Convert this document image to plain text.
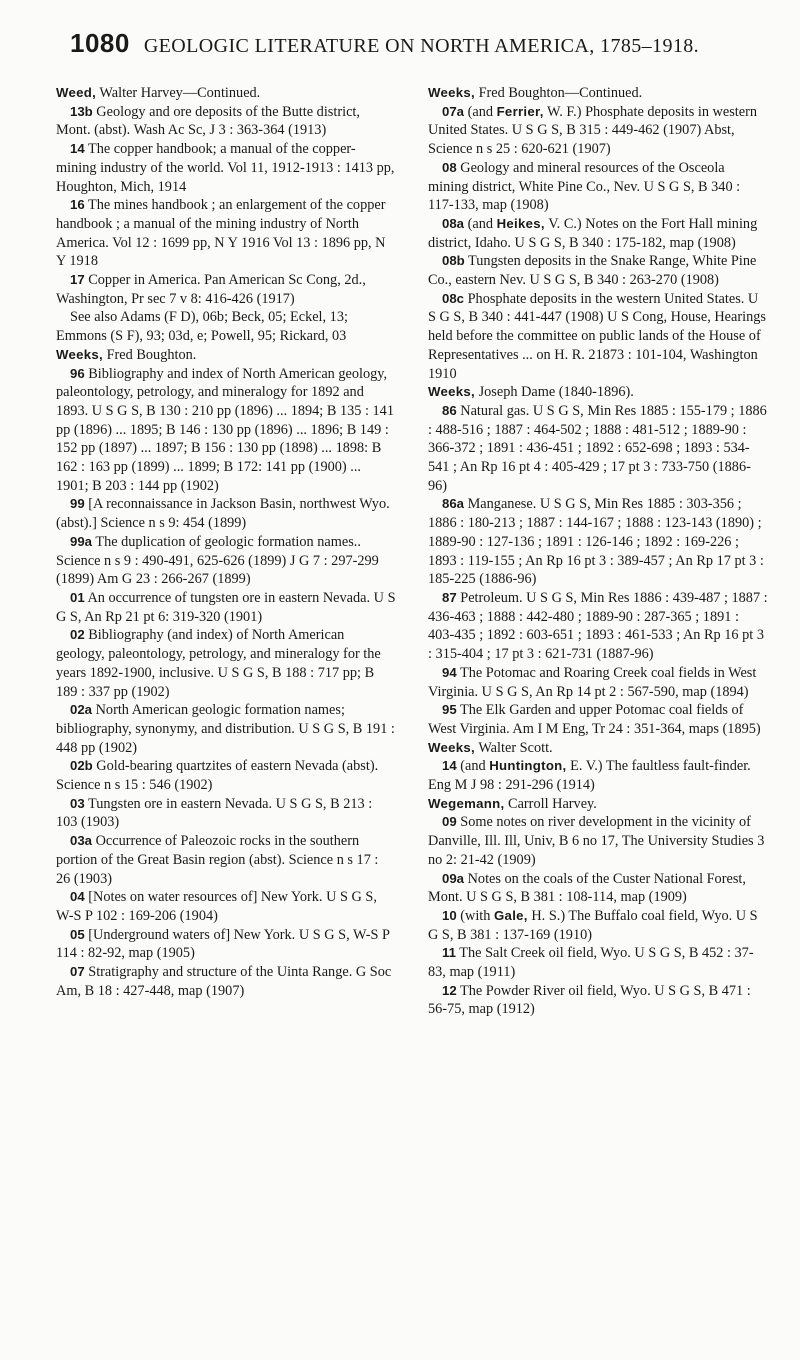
1080 GEOLOGIC LITERATURE ON NORTH AMERICA, 1785–1918.

Weed, Walter Harvey—Continued.

13b Geology and ore deposits of the Butte district, Mont. (abst). Wash Ac Sc, J 3 : 363-364 (1913)

14 The copper handbook; a manual of the copper-mining industry of the world. Vol 11, 1912-1913 : 1413 pp, Houghton, Mich, 1914

16 The mines handbook ; an enlargement of the copper handbook ; a manual of the mining industry of North America. Vol 12 : 1699 pp, N Y 1916 Vol 13 : 1896 pp, N Y 1918

17 Copper in America. Pan American Sc Cong, 2d., Washington, Pr sec 7 v 8: 416-426 (1917)

See also Adams (F D), 06b; Beck, 05; Eckel, 13; Emmons (S F), 93; 03d, e; Powell, 95; Rickard, 03

Weeks, Fred Boughton.

96 Bibliography and index of North American geology, paleontology, petrology, and mineralogy for 1892 and 1893. U S G S, B 130 : 210 pp (1896) ... 1894; B 135 : 141 pp (1896) ... 1895; B 146 : 130 pp (1896) ... 1896; B 149 : 152 pp (1897) ... 1897; B 156 : 130 pp (1898) ... 1898: B 162 : 163 pp (1899) ... 1899; B 172: 141 pp (1900) ... 1901; B 203 : 144 pp (1902)

99 [A reconnaissance in Jackson Basin, northwest Wyo. (abst).] Science n s 9: 454 (1899)

99a The duplication of geologic formation names.. Science n s 9 : 490-491, 625-626 (1899) J G 7 : 297-299 (1899) Am G 23 : 266-267 (1899)

01 An occurrence of tungsten ore in eastern Nevada. U S G S, An Rp 21 pt 6: 319-320 (1901)

02 Bibliography (and index) of North American geology, paleontology, petrology, and mineralogy for the years 1892-1900, inclusive. U S G S, B 188 : 717 pp; B 189 : 337 pp (1902)

02a North American geologic formation names; bibliography, synonymy, and distribution. U S G S, B 191 : 448 pp (1902)

02b Gold-bearing quartzites of eastern Nevada (abst). Science n s 15 : 546 (1902)

03 Tungsten ore in eastern Nevada. U S G S, B 213 : 103 (1903)

03a Occurrence of Paleozoic rocks in the southern portion of the Great Basin region (abst). Science n s 17 : 26 (1903)

04 [Notes on water resources of] New York. U S G S, W-S P 102 : 169-206 (1904)

05 [Underground waters of] New York. U S G S, W-S P 114 : 82-92, map (1905)

07 Stratigraphy and structure of the Uinta Range. G Soc Am, B 18 : 427-448, map (1907)

Weeks, Fred Boughton—Continued.

07a (and Ferrier, W. F.) Phosphate deposits in western United States. U S G S, B 315 : 449-462 (1907) Abst, Science n s 25 : 620-621 (1907)

08 Geology and mineral resources of the Osceola mining district, White Pine Co., Nev. U S G S, B 340 : 117-133, map (1908)

08a (and Heikes, V. C.) Notes on the Fort Hall mining district, Idaho. U S G S, B 340 : 175-182, map (1908)

08b Tungsten deposits in the Snake Range, White Pine Co., eastern Nev. U S G S, B 340 : 263-270 (1908)

08c Phosphate deposits in the western United States. U S G S, B 340 : 441-447 (1908) U S Cong, House, Hearings held before the committee on public lands of the House of Representatives ... on H. R. 21873 : 101-104, Washington 1910

Weeks, Joseph Dame (1840-1896).

86 Natural gas. U S G S, Min Res 1885 : 155-179 ; 1886 : 488-516 ; 1887 : 464-502 ; 1888 : 481-512 ; 1889-90 : 366-372 ; 1891 : 436-451 ; 1892 : 652-698 ; 1893 : 534-541 ; An Rp 16 pt 4 : 405-429 ; 17 pt 3 : 733-750 (1886-96)

86a Manganese. U S G S, Min Res 1885 : 303-356 ; 1886 : 180-213 ; 1887 : 144-167 ; 1888 : 123-143 (1890) ; 1889-90 : 127-136 ; 1891 : 126-146 ; 1892 : 169-226 ; 1893 : 119-155 ; An Rp 16 pt 3 : 389-457 ; An Rp 17 pt 3 : 185-225 (1886-96)

87 Petroleum. U S G S, Min Res 1886 : 439-487 ; 1887 : 436-463 ; 1888 : 442-480 ; 1889-90 : 287-365 ; 1891 : 403-435 ; 1892 : 603-651 ; 1893 : 461-533 ; An Rp 16 pt 3 : 315-404 ; 17 pt 3 : 621-731 (1887-96)

94 The Potomac and Roaring Creek coal fields in West Virginia. U S G S, An Rp 14 pt 2 : 567-590, map (1894)

95 The Elk Garden and upper Potomac coal fields of West Virginia. Am I M Eng, Tr 24 : 351-364, maps (1895)

Weeks, Walter Scott.

14 (and Huntington, E. V.) The faultless fault-finder. Eng M J 98 : 291-296 (1914)

Wegemann, Carroll Harvey.

09 Some notes on river development in the vicinity of Danville, Ill. Ill, Univ, B 6 no 17, The University Studies 3 no 2: 21-42 (1909)

09a Notes on the coals of the Custer National Forest, Mont. U S G S, B 381 : 108-114, map (1909)

10 (with Gale, H. S.) The Buffalo coal field, Wyo. U S G S, B 381 : 137-169 (1910)

11 The Salt Creek oil field, Wyo. U S G S, B 452 : 37-83, map (1911)

12 The Powder River oil field, Wyo. U S G S, B 471 : 56-75, map (1912)
